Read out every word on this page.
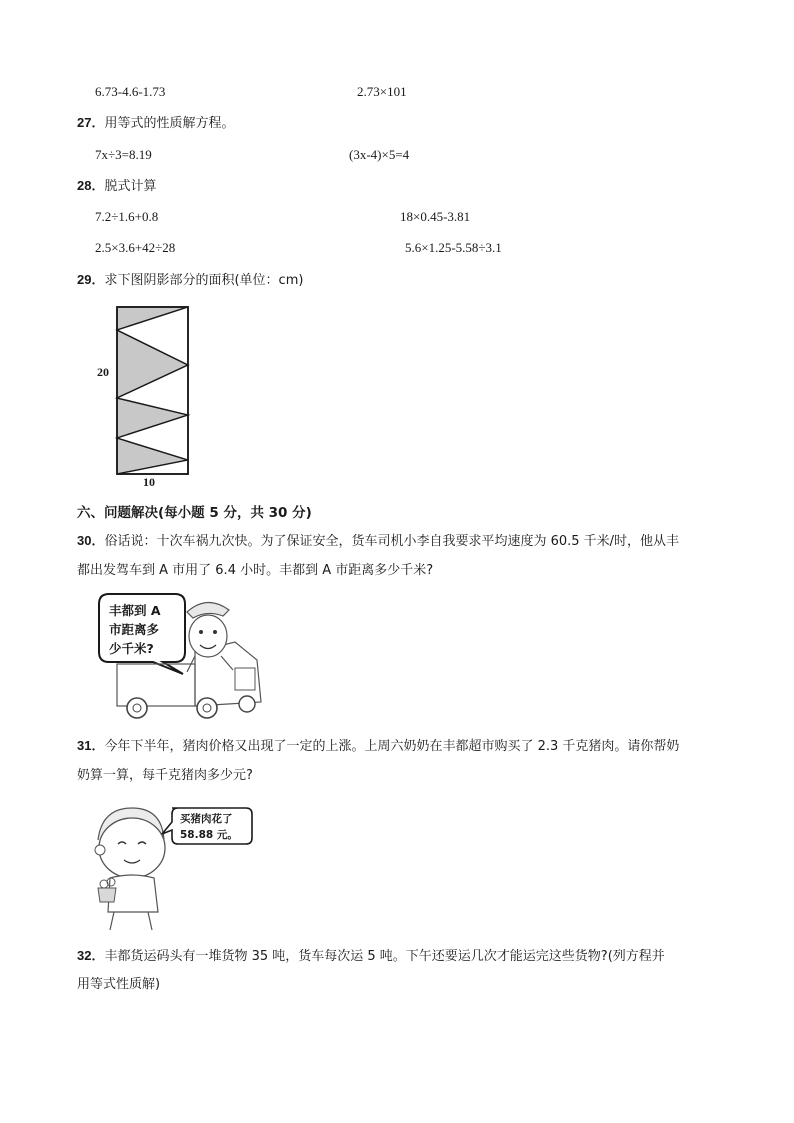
6.73-4.6-1.73	2.73×101
27．用等式的性质解方程。
7x÷3=8.19	(3x-4)×5=4
28．脱式计算
7.2÷1.6+0.8	18×0.45-3.81
2.5×3.6+42÷28	5.6×1.25-5.58÷3.1
29．求下图阴影部分的面积(单位：cm)
20
10
六、问题解决(每小题 5 分，共 30 分)
30．俗话说：十次车祸九次快。为了保证安全，货车司机小李自我要求平均速度为 60.5 千米/时，他从丰
都出发驾车到 A 市用了 6.4 小时。丰都到 A 市距离多少千米?
丰都到 A
市距离多
少千米?
31．今年下半年，猪肉价格又出现了一定的上涨。上周六奶奶在丰都超市购买了 2.3 千克猪肉。请你帮奶
奶算一算，每千克猪肉多少元?
买猪肉花了
58.88 元。
32．丰都货运码头有一堆货物 35 吨，货车每次运 5 吨。下午还要运几次才能运完这些货物?(列方程并
用等式性质解)
